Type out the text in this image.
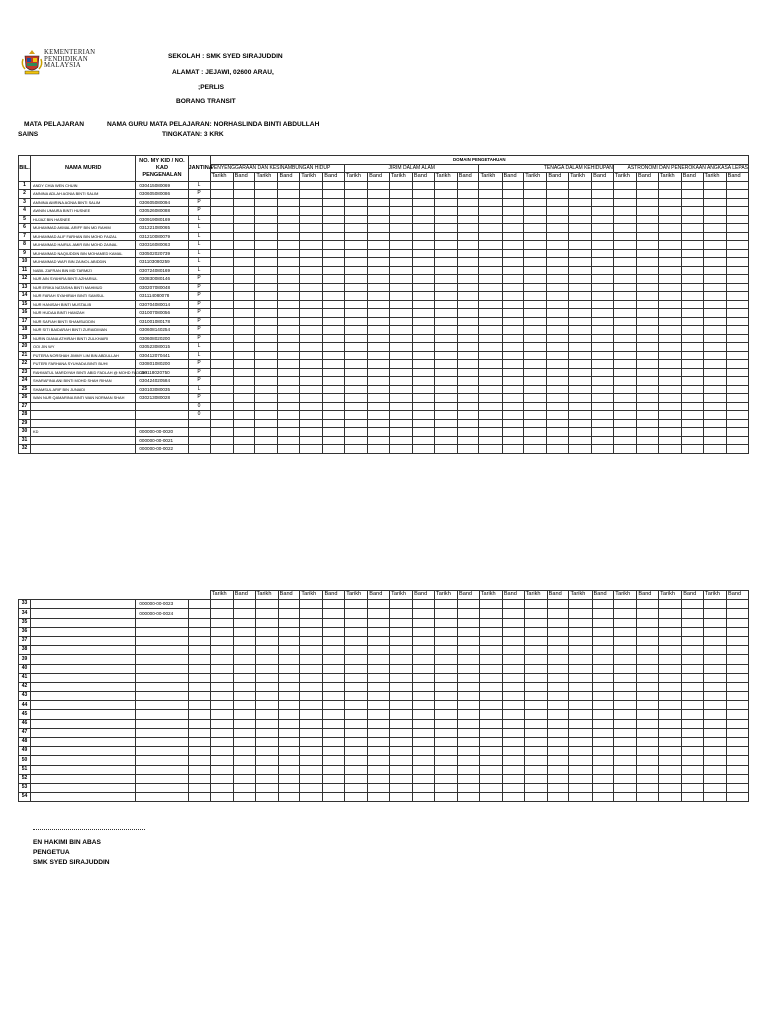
KEMENTERIAN
PENDIDIKAN
MALAYSIA
SEKOLAH : SMK SYED SIRAJUDDIN
ALAMAT : JEJAWI, 02600 ARAU,
;PERLIS
BORANG TRANSIT
MATA PELAJARAN	NAMA GURU MATA PELAJARAN: NORHASLINDA BINTI ABDULLAH
SAINS	TINGKATAN: 3 KRK
BIL.	NAMA MURID	NO. MY KID / NO. KAD PENGENALAN	JANTINA	DOMAIN PENGETAHUAN																							
				PENYENGGARAAN DAN KESINAMBUNGAN HIDUP						JIRIM DALAM ALAM						TENAGA DALAM KEHIDUPAN						ASTRONOMI DAN PENEROKAAN ANGKASA LEPAS					
				Tarikh	Band	Tarikh	Band	Tarikh	Band	Tarikh	Band	Tarikh	Band	Tarikh	Band	Tarikh	Band	Tarikh	Band	Tarikh	Band	Tarikh	Band	Tarikh	Band	Tarikh	Band
1	ANDY CHIA WEN CHUIN	030415080069	L																								
2	AMNINA ADLAH AGNIA BINTI SALIM	030605080086	P																								
3	AMNINA AMRINA AGNIA BINTI SALIM	030605080094	P																								
4	AWNIN UMAIRA BINTI HUSNEE	030526080088	P																								
5	HUJAZ BIN HASNEE	030919080169	L																								
6	MUHAMMAD AKMAL ARIFF BIN MD RAHIM	031221080065	L																								
7	MUHAMMAD ALIF FARHAN BIN MOHD FAIZAL	031210080079	L																								
8	MUHAMMAD HAIRUL AMIR BIN MOHD ZAINAL	030316080063	L																								
9	MUHAMMAD NAQIUDDIN BIN MOHAMED KAMAL	030502020739	L																								
10	MUHAMMAD WAFI BIN ZAINOL ABIDDIN	031103080259	L																								
11	NABIL ZAFRAN BIN MD TARMIZI	030724080169	L																								
12	NUR AIN SYAHIRA BINTI AZHARIUL	030830080146	P																								
13	NUR ERIKA NATASHA BINTI MAHMUD	030207080048	P																								
14	NUR FARAH SYAHIRAH BINTI SAMSUL	031114080078	P																								
15	NUR HANISAH BINTI MUSTALIB	030704080014	P																								
16	NUR HUDAA BINTI HAMZAH	031007080056	P																								
17	NUR SAFIAH BINTI SHAMSUDDIN	031001080178	P																								
18	NUR SITI BAIDARAH BINTI ZURAIDIMAN	030608140254	P																								
19	NURIN DIANA ATHIRAH BINTI ZULKHAIRI	030608020200	P																								
20	OOI JIN WY	030523080015	L																								
21	PUTERA NORSHAH JIMMY LIM BIN ABDULLAH	030412070441	L																								
22	PUTERI FARHANA SYUHADA BINTI BUHI	030801080200	P																								
23	RAHMATUL MARDIYAH BINTI ABID FADLAH @ MOHD FADLAH	030118020750	P																								
24	SHARAFINA ANI BINTI MOHD SHAH RIHAN	030424020584	P																								
25	SHAMSUL ARIF BIN JUNAIDI	030103080035	L																								
26	WAN NUR QAMARINA BINTI WAN NORMAN SHAH	030213080028	P																								
27			0																								
28			0																								
29																											
30	KD	000000-00-0020																									
31		000000-00-0021																									
32		000000-00-0022																									
				Tarikh	Band	Tarikh	Band	Tarikh	Band	Tarikh	Band	Tarikh	Band	Tarikh	Band	Tarikh	Band	Tarikh	Band	Tarikh	Band	Tarikh	Band	Tarikh	Band	Tarikh	Band
33		000000-00-0023																									
34		000000-00-0024																									
35																											
36																											
37																											
38																											
39																											
40																											
41																											
42																											
43																											
44																											
45																											
46																											
47																											
48																											
49																											
50																											
51																											
52																											
53																											
54																											
EN HAKIMI BIN ABAS
PENGETUA
SMK SYED SIRAJUDDIN
